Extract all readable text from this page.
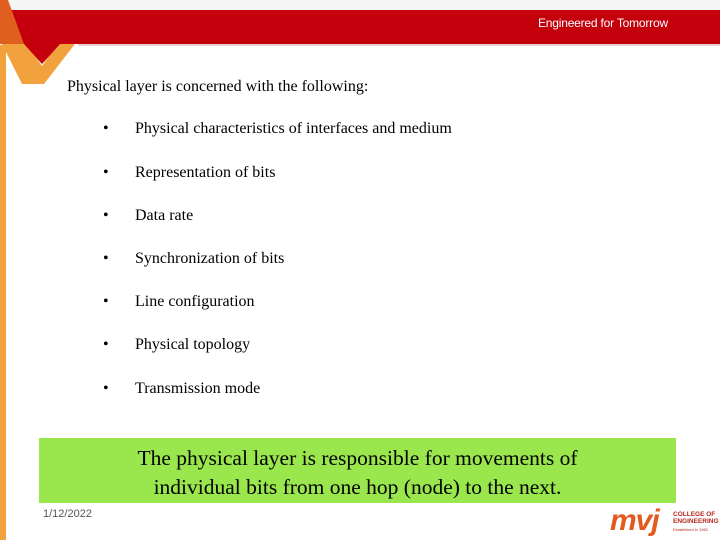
Engineered for Tomorrow
Physical layer is concerned with the following:
• Physical characteristics of interfaces and medium
• Representation of bits
• Data rate
• Synchronization of bits
• Line configuration
• Physical topology
• Transmission mode
The physical layer is responsible for movements of
individual bits from one hop (node) to the next.
1/12/2022	mvj COLLEGE OF
ENGINEERING
Established in 1982
